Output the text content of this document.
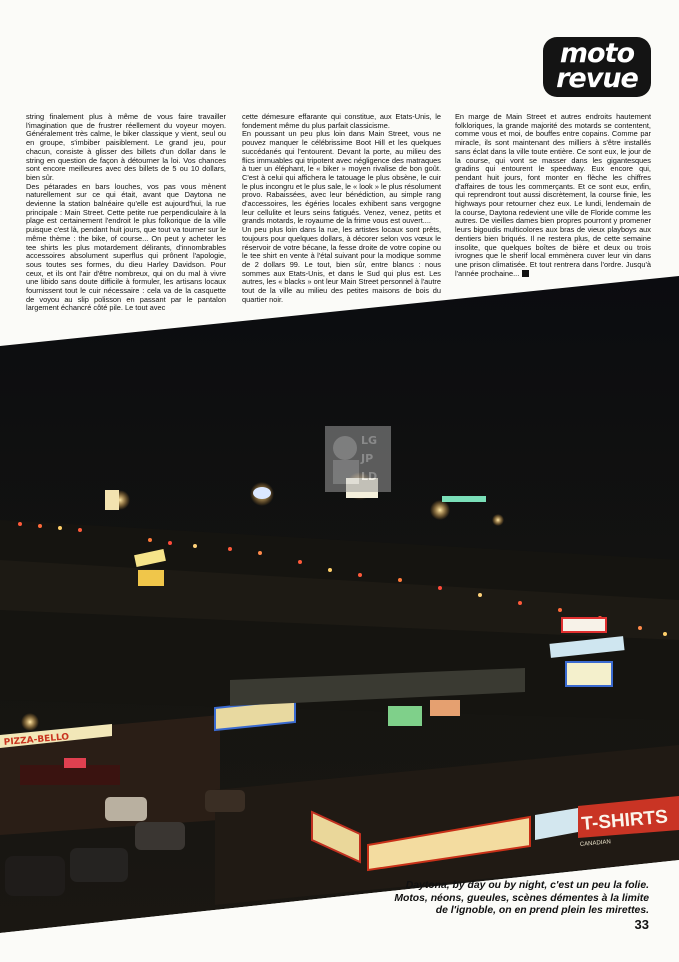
moto
revue

string finalement plus à même de vous faire travailler l'imagination que de frustrer réellement du voyeur moyen. Généralement très calme, le biker classique y vient, seul ou en groupe, s'imbiber paisiblement. Le grand jeu, pour chacun, consiste à glisser des billets d'un dollar dans le string en question de façon à détourner la loi. Vos chances sont encore meilleures avec des billets de 5 ou 10 dollars, bien sûr.

Des pétarades en bars louches, vos pas vous mènent naturellement sur ce qui était, avant que Daytona ne devienne la station balnéaire qu'elle est aujourd'hui, la rue principale : Main Street. Cette petite rue perpendiculaire à la plage est certainement l'endroit le plus folkorique de la ville puisque c'est là, pendant huit jours, que tout va tourner sur le même thème : the bike, of course... On peut y acheter les tee shirts les plus motardement délirants, d'innombrables accessoires absolument superflus qui prônent l'apologie, sous toutes ses formes, du dieu Harley Davidson. Pour ceux, et ils ont l'air d'être nombreux, qui on du mal à vivre une libido sans doute difficile à formuler, les artisans locaux fournissent tout le cuir nécessaire : cela va de la casquette de voyou au slip polisson en passant par le pantalon largement échancré côté pile. Le tout avec

cette démesure effarante qui constitue, aux Etats-Unis, le fondement même du plus parfait classicisme.

En poussant un peu plus loin dans Main Street, vous ne pouvez manquer le célébrissime Boot Hill et les quelques succédanés qui l'entourent. Devant la porte, au milieu des flics immuables qui tripotent avec négligence des matraques à tuer un éléphant, le « biker » moyen rivalise de bon goût. C'est à celui qui affichera le tatouage le plus obsène, le cuir le plus incongru et le plus sale, le « look » le plus résolument provo. Rabaissées, avec leur bénédiction, au simple rang d'accessoires, les égéries locales exhibent sans vergogne leur cellulite et leurs seins fatigués. Venez, venez, petits et grands motards, le royaume de la frime vous est ouvert....

Un peu plus loin dans la rue, les artistes locaux sont prêts, toujours pour quelques dollars, à décorer selon vos vœux le réservoir de votre bécane, la fesse droite de votre copine ou le tee shirt en vente à l'étal suivant pour la modique somme de 2 dollars 99. Le tout, bien sûr, entre blancs : nous sommes aux Etats-Unis, et dans le Sud qui plus est. Les autres, les « blacks » ont leur Main Street personnel à l'autre tout de la ville au milieu des petites maisons de bois du quartier noir.

En marge de Main Street et autres endroits hautement folkloriques, la grande majorité des motards se contentent, comme vous et moi, de bouffes entre copains. Comme par miracle, ils sont maintenant des milliers à s'être installés sans éclat dans la ville toute entière. Ce sont eux, le jour de la course, qui vont se masser dans les gigantesques gradins qui entourent le speedway. Eux encore qui, pendant huit jours, font monter en flèche les chiffres d'affaires de tous les commerçants. Et ce sont eux, enfin, qui reprendront tout aussi discrètement, la course finie, les highways pour retourner chez eux. Le lundi, lendemain de la course, Daytona redevient une ville de Floride comme les autres. De vieilles dames bien propres pourront y promener leurs bigoudis multicolores aux bras de vieux playboys aux dentiers bien briqués. Il ne restera plus, de cette semaine insolite, que quelques boîtes de bière et deux ou trois ivrognes que le sherif local emmènera cuver leur vin dans une prison climatisée. Et tout rentrera dans l'ordre. Jusqu'à l'année prochaine...

PIZZA-BELLO
T-SHIRTS
CANADIAN
LG
JP
LD
Daytona, by day ou by night, c'est un peu la folie.
Motos, néons, gueules, scènes démentes à la limite
de l'ignoble, on en prend plein les mirettes.
33
